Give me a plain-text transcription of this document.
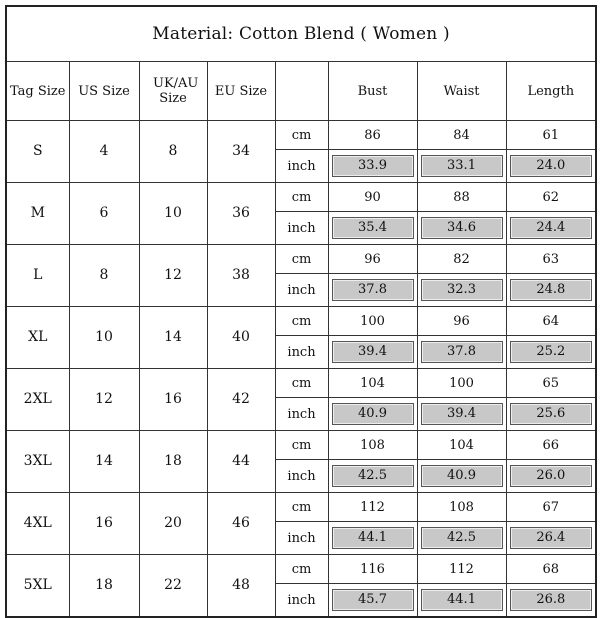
Material: Cotton Blend ( Women )							
Tag Size	US Size	UK/AU Size	EU Size		Bust	Waist	Length
S	4	8	34	cm	86	84	61
				inch	33.9	33.1	24.0

M	6	10	36	cm	90	88	62
				inch	35.4	34.6	24.4

L	8	12	38	cm	96	82	63
				inch	37.8	32.3	24.8

XL	10	14	40	cm	100	96	64
				inch	39.4	37.8	25.2

2XL	12	16	42	cm	104	100	65
				inch	40.9	39.4	25.6

3XL	14	18	44	cm	108	104	66
				inch	42.5	40.9	26.0

4XL	16	20	46	cm	112	108	67
				inch	44.1	42.5	26.4

5XL	18	22	48	cm	116	112	68
				inch	45.7	44.1	26.8
